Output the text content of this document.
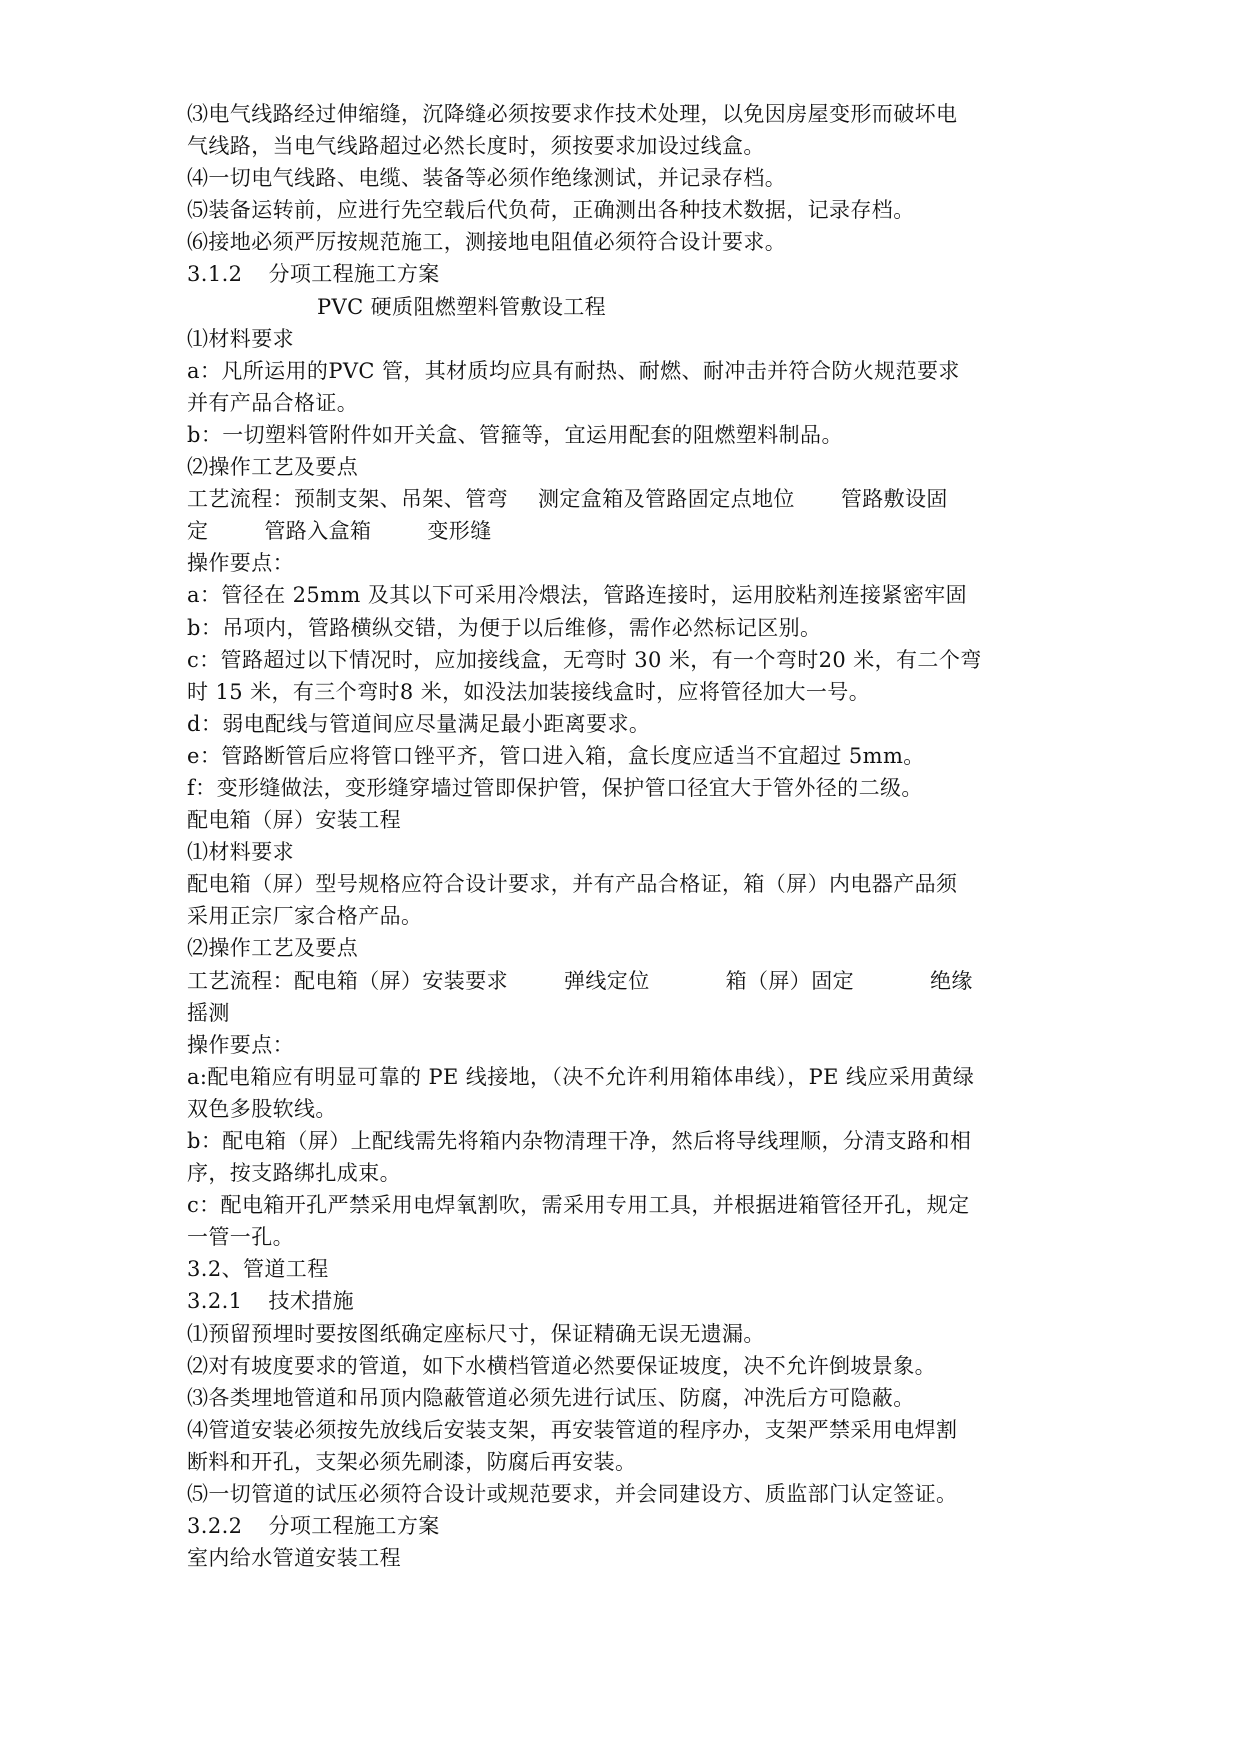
⑶电气线路经过伸缩缝，沉降缝必须按要求作技术处理，以免因房屋变形而破坏电
气线路，当电气线路超过必然长度时，须按要求加设过线盒。
⑷一切电气线路、电缆、装备等必须作绝缘测试，并记录存档。
⑸装备运转前，应进行先空载后代负荷，正确测出各种技术数据，记录存档。
⑹接地必须严厉按规范施工，测接地电阻值必须符合设计要求。
3.1.2 分项工程施工方案
PVC 硬质阻燃塑料管敷设工程
⑴材料要求
a：凡所运用的PVC 管，其材质均应具有耐热、耐燃、耐冲击并符合防火规范要求
并有产品合格证。
b：一切塑料管附件如开关盒、管箍等，宜运用配套的阻燃塑料制品。
⑵操作工艺及要点
工艺流程：预制支架、吊架、管弯 测定盒箱及管路固定点地位 管路敷设固
定	管路入盒箱	变形缝
操作要点：
a：管径在 25mm 及其以下可采用冷煨法，管路连接时，运用胶粘剂连接紧密牢固
b：吊项内，管路横纵交错，为便于以后维修，需作必然标记区别。
c：管路超过以下情况时，应加接线盒，无弯时 30 米，有一个弯时20 米，有二个弯
时 15 米，有三个弯时8 米，如没法加装接线盒时，应将管径加大一号。
d：弱电配线与管道间应尽量满足最小距离要求。
e：管路断管后应将管口锉平齐，管口进入箱，盒长度应适当不宜超过 5mm。
f：变形缝做法，变形缝穿墙过管即保护管，保护管口径宜大于管外径的二级。
配电箱（屏）安装工程
⑴材料要求
配电箱（屏）型号规格应符合设计要求，并有产品合格证，箱（屏）内电器产品须
采用正宗厂家合格产品。
⑵操作工艺及要点
工艺流程：配电箱（屏）安装要求	弹线定位	箱（屏）固定	绝缘
摇测
操作要点：
a:配电箱应有明显可靠的 PE 线接地，（决不允许利用箱体串线），PE 线应采用黄绿
双色多股软线。
b：配电箱（屏）上配线需先将箱内杂物清理干净，然后将导线理顺，分清支路和相
序，按支路绑扎成束。
c：配电箱开孔严禁采用电焊氧割吹，需采用专用工具，并根据进箱管径开孔，规定
一管一孔。
3.2、管道工程
3.2.1 技术措施
⑴预留预埋时要按图纸确定座标尺寸，保证精确无误无遗漏。
⑵对有坡度要求的管道，如下水横档管道必然要保证坡度，决不允许倒坡景象。
⑶各类埋地管道和吊顶内隐蔽管道必须先进行试压、防腐，冲洗后方可隐蔽。
⑷管道安装必须按先放线后安装支架，再安装管道的程序办，支架严禁采用电焊割
断料和开孔，支架必须先刷漆，防腐后再安装。
⑸一切管道的试压必须符合设计或规范要求，并会同建设方、质监部门认定签证。
3.2.2 分项工程施工方案
室内给水管道安装工程
